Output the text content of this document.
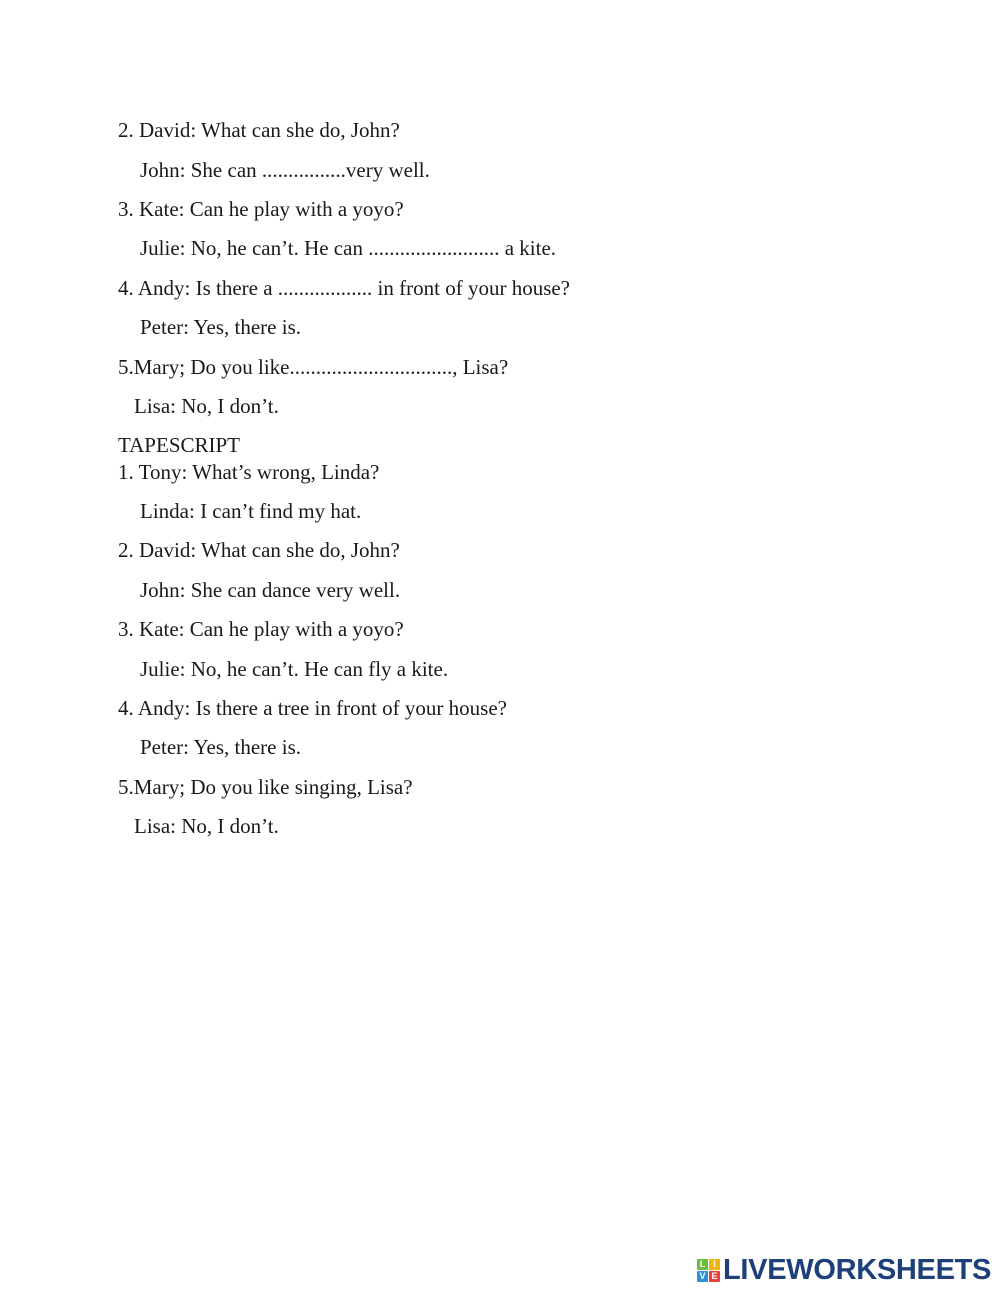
2. David: What can she do, John?
John: She can ................very well.
3. Kate: Can he play with a yoyo?
Julie: No, he can’t. He can ......................... a kite.
4. Andy: Is there a .................. in front of your house?
Peter: Yes, there is.
5.Mary; Do you like..............................., Lisa?
Lisa: No, I don’t.
TAPESCRIPT
1. Tony: What’s wrong, Linda?
Linda: I can’t find my hat.
2. David: What can she do, John?
John: She can dance very well.
3. Kate: Can he play with a yoyo?
Julie: No, he can’t. He can fly a kite.
4. Andy: Is there a tree in front of your house?
Peter: Yes, there is.
5.Mary; Do you like singing, Lisa?
Lisa: No, I don’t.
L I
V E LIVEWORKSHEETS
